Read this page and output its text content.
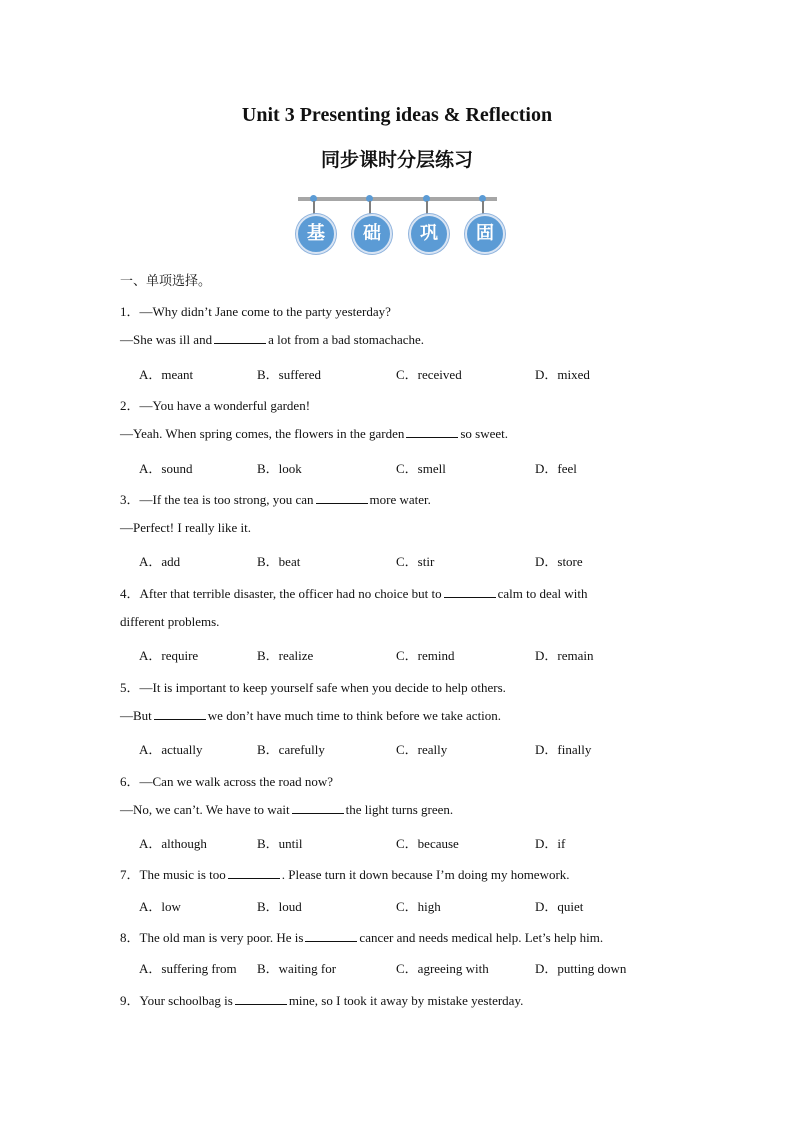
Unit 3 Presenting ideas & Reflection
同步课时分层练习
基	础	巩	固
一、单项选择。
1．—Why didn’t Jane come to the party yesterday?
—She was ill and	a lot from a bad stomachache.
A．meant	B．suffered	C．received	D．mixed
2．—You have a wonderful garden!
—Yeah. When spring comes, the flowers in the garden	so sweet.
A．sound	B．look	C．smell	D．feel
3．—If the tea is too strong, you can	more water.
—Perfect! I really like it.
A．add	B．beat	C．stir	D．store
4．After that terrible disaster, the officer had no choice but to	calm to deal with
different problems.
A．require	B．realize	C．remind	D．remain
5．—It is important to keep yourself safe when you decide to help others.
—But	we don’t have much time to think before we take action.
A．actually	B．carefully	C．really	D．finally
6．—Can we walk across the road now?
—No, we can’t. We have to wait	the light turns green.
A．although	B．until	C．because	D．if
7．The music is too	. Please turn it down because I’m doing my homework.
A．low	B．loud	C．high	D．quiet
8．The old man is very poor. He is	cancer and needs medical help. Let’s help him.
A．suffering from B．waiting for	C．agreeing with	D．putting down
9．Your schoolbag is	mine, so I took it away by mistake yesterday.
